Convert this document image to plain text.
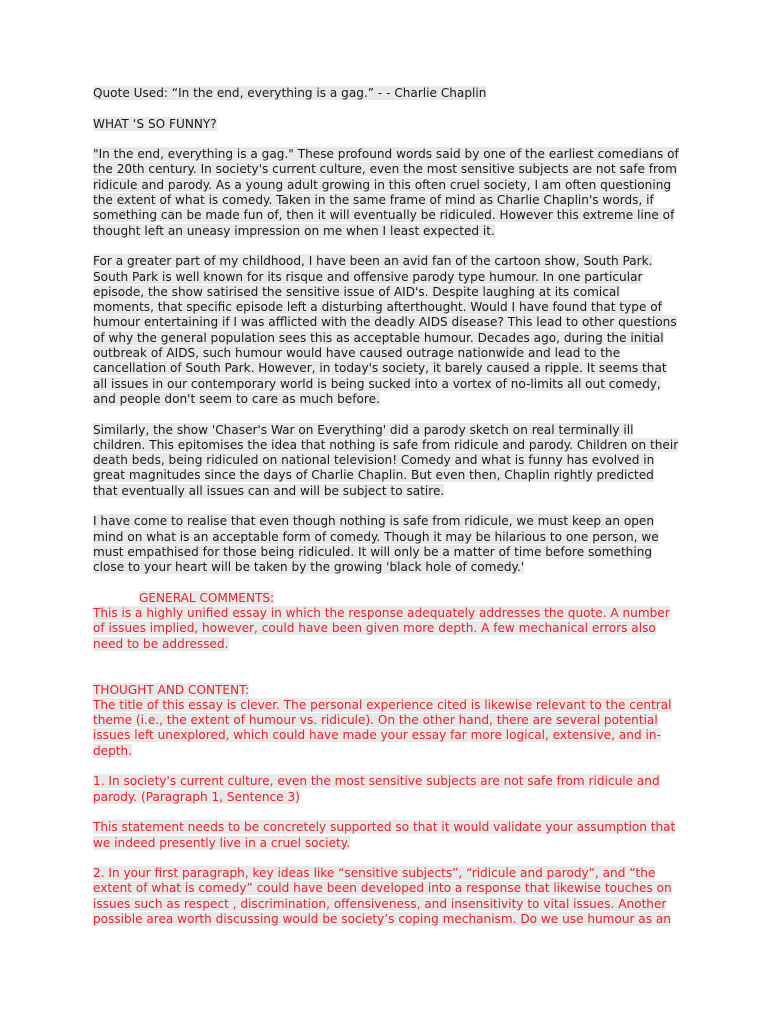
Quote Used: “In the end, everything is a gag.” - - Charlie Chaplin

WHAT ‘S SO FUNNY?

"In the end, everything is a gag." These profound words said by one of the earliest comedians of the 20th century. In society's current culture, even the most sensitive subjects are not safe from ridicule and parody. As a young adult growing in this often cruel society, I am often questioning the extent of what is comedy. Taken in the same frame of mind as Charlie Chaplin's words, if something can be made fun of, then it will eventually be ridiculed. However this extreme line of thought left an uneasy impression on me when I least expected it.

For a greater part of my childhood, I have been an avid fan of the cartoon show, South Park. South Park is well known for its risque and offensive parody type humour. In one particular episode, the show satirised the sensitive issue of AID's. Despite laughing at its comical moments, that specific episode left a disturbing afterthought. Would I have found that type of humour entertaining if I was afflicted with the deadly AIDS disease? This lead to other questions of why the general population sees this as acceptable humour. Decades ago, during the initial outbreak of AIDS, such humour would have caused outrage nationwide and lead to the cancellation of South Park. However, in today's society, it barely caused a ripple. It seems that all issues in our contemporary world is being sucked into a vortex of no-limits all out comedy, and people don't seem to care as much before.

Similarly, the show 'Chaser's War on Everything' did a parody sketch on real terminally ill children. This epitomises the idea that nothing is safe from ridicule and parody. Children on their death beds, being ridiculed on national television! Comedy and what is funny has evolved in great magnitudes since the days of Charlie Chaplin. But even then, Chaplin rightly predicted that eventually all issues can and will be subject to satire.

I have come to realise that even though nothing is safe from ridicule, we must keep an open mind on what is an acceptable form of comedy. Though it may be hilarious to one person, we must empathised for those being ridiculed. It will only be a matter of time before something close to your heart will be taken by the growing 'black hole of comedy.'

GENERAL COMMENTS:

This is a highly unified essay in which the response adequately addresses the quote. A number of issues implied, however, could have been given more depth. A few mechanical errors also need to be addressed.

THOUGHT AND CONTENT:

The title of this essay is clever. The personal experience cited is likewise relevant to the central theme (i.e., the extent of humour vs. ridicule). On the other hand, there are several potential issues left unexplored, which could have made your essay far more logical, extensive, and in-depth.

1. In society's current culture, even the most sensitive subjects are not safe from ridicule and parody. (Paragraph 1, Sentence 3)

This statement needs to be concretely supported so that it would validate your assumption that we indeed presently live in a cruel society.

2. In your first paragraph, key ideas like “sensitive subjects”, “ridicule and parody”, and “the extent of what is comedy” could have been developed into a response that likewise touches on issues such as respect , discrimination, offensiveness, and insensitivity to vital issues. Another possible area worth discussing would be society’s coping mechanism. Do we use humour as an
